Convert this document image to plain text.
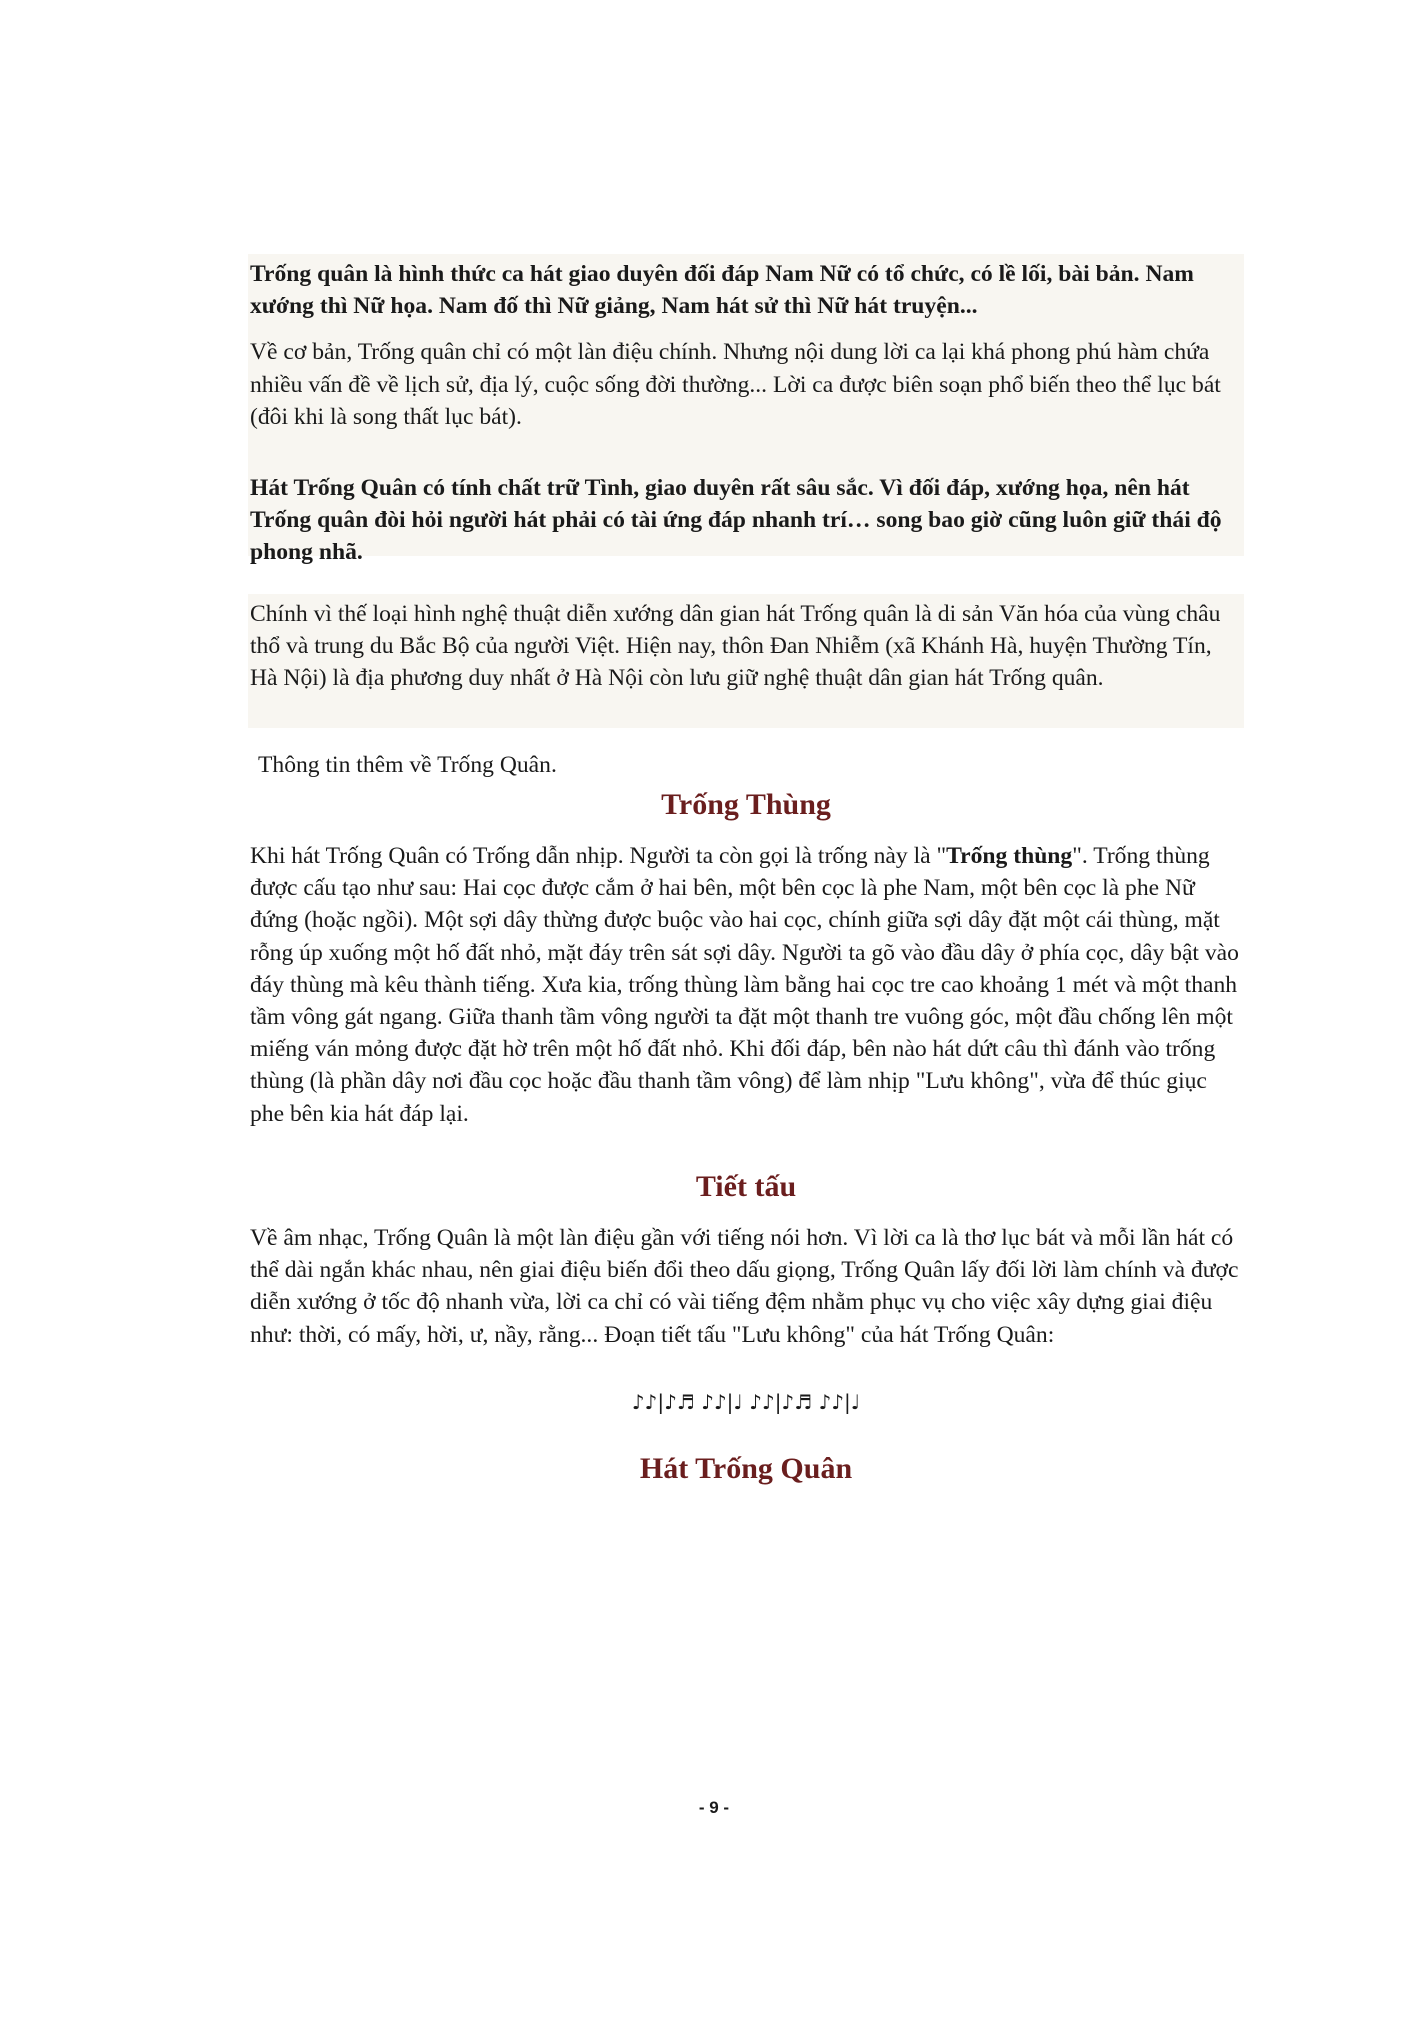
Trống quân là hình thức ca hát giao duyên đối đáp Nam Nữ có tổ chức, có lề lối, bài bản. Nam xướng thì Nữ họa. Nam đố thì Nữ giảng, Nam hát sử thì Nữ hát truyện...

Về cơ bản, Trống quân chỉ có một làn điệu chính. Nhưng nội dung lời ca lại khá phong phú hàm chứa nhiều vấn đề về lịch sử, địa lý, cuộc sống đời thường... Lời ca được biên soạn phổ biến theo thể lục bát (đôi khi là song thất lục bát).

Hát Trống Quân có tính chất trữ Tình, giao duyên rất sâu sắc. Vì đối đáp, xướng họa, nên hát Trống quân đòi hỏi người hát phải có tài ứng đáp nhanh trí… song bao giờ cũng luôn giữ thái độ phong nhã.

Chính vì thế loại hình nghệ thuật diễn xướng dân gian hát Trống quân là di sản Văn hóa của vùng châu thổ và trung du Bắc Bộ của người Việt. Hiện nay, thôn Đan Nhiễm (xã Khánh Hà, huyện Thường Tín, Hà Nội) là địa phương duy nhất ở Hà Nội còn lưu giữ nghệ thuật dân gian hát Trống quân.

Thông tin thêm về Trống Quân.

Trống Thùng

Khi hát Trống Quân có Trống dẫn nhịp. Người ta còn gọi là trống này là "Trống thùng". Trống thùng được cấu tạo như sau: Hai cọc được cắm ở hai bên, một bên cọc là phe Nam, một bên cọc là phe Nữ đứng (hoặc ngồi). Một sợi dây thừng được buộc vào hai cọc, chính giữa sợi dây đặt một cái thùng, mặt rỗng úp xuống một hố đất nhỏ, mặt đáy trên sát sợi dây. Người ta gõ vào đầu dây ở phía cọc, dây bật vào đáy thùng mà kêu thành tiếng. Xưa kia, trống thùng làm bằng hai cọc tre cao khoảng 1 mét và một thanh tầm vông gát ngang. Giữa thanh tầm vông người ta đặt một thanh tre vuông góc, một đầu chống lên một miếng ván mỏng được đặt hờ trên một hố đất nhỏ. Khi đối đáp, bên nào hát dứt câu thì đánh vào trống thùng (là phần dây nơi đầu cọc hoặc đầu thanh tầm vông) để làm nhịp "Lưu không", vừa để thúc giục phe bên kia hát đáp lại.

Tiết tấu

Về âm nhạc, Trống Quân là một làn điệu gần với tiếng nói hơn. Vì lời ca là thơ lục bát và mỗi lần hát có thể dài ngắn khác nhau, nên giai điệu biến đổi theo dấu giọng, Trống Quân lấy đối lời làm chính và được diễn xướng ở tốc độ nhanh vừa, lời ca chỉ có vài tiếng đệm nhằm phục vụ cho việc xây dựng giai điệu như: thời, có mấy, hời, ư, nầy, rằng... Đoạn tiết tấu "Lưu không" của hát Trống Quân:

♪♪|♪♬ ♪♪|♩ ♪♪|♪♬ ♪♪|♩

Hát Trống Quân

- 9 -
